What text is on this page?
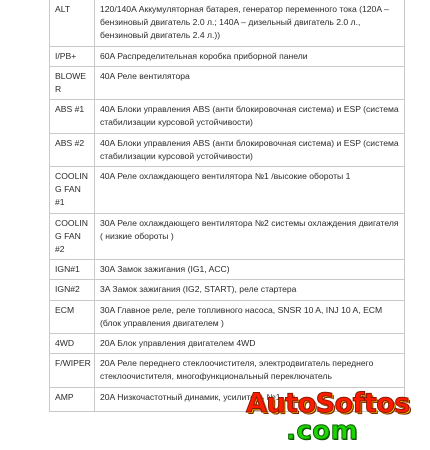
ALT	120/140A Аккумуляторная батарея, генератор переменного тока (120A – бензиновый двигатель 2.0 л.; 140A – дизельный двигатель 2.0 л., бензиновый двигатель 2.4 л.))
I/PB+	60A Распределительная коробка приборной панели
BLOWER	40A Реле вентилятора
ABS #1	40A Блоки управления ABS (анти блокировочная система) и ESP (система стабилизации курсовой устойчивости)
ABS #2	40A Блоки управления ABS (анти блокировочная система) и ESP (система стабилизации курсовой устойчивости)
COOLING FAN #1	40A Реле охлаждающего вентилятора №1 /высокие обороты 1
COOLING FAN #2	30A Реле охлаждающего вентилятора №2 системы охлаждения двигателя ( низкие обороты )
IGN#1	30A Замок зажигания (IG1, ACC)
IGN#2	3A Замок зажигания (IG2, START), реле стартера
ECM	30A Главное реле, реле топливного насоса, SNSR 10 A, INJ 10 A, ECM (блок управления двигателем )
4WD	20A Блок управления двигателем 4WD
F/WIPER	20A Реле переднего стеклоочистителя, электродвигатель переднего стеклоочистителя, многофункциональный переключатель
AMP	20A Низкочастотный динамик, усилитель №1
AutoSoftos
.com
